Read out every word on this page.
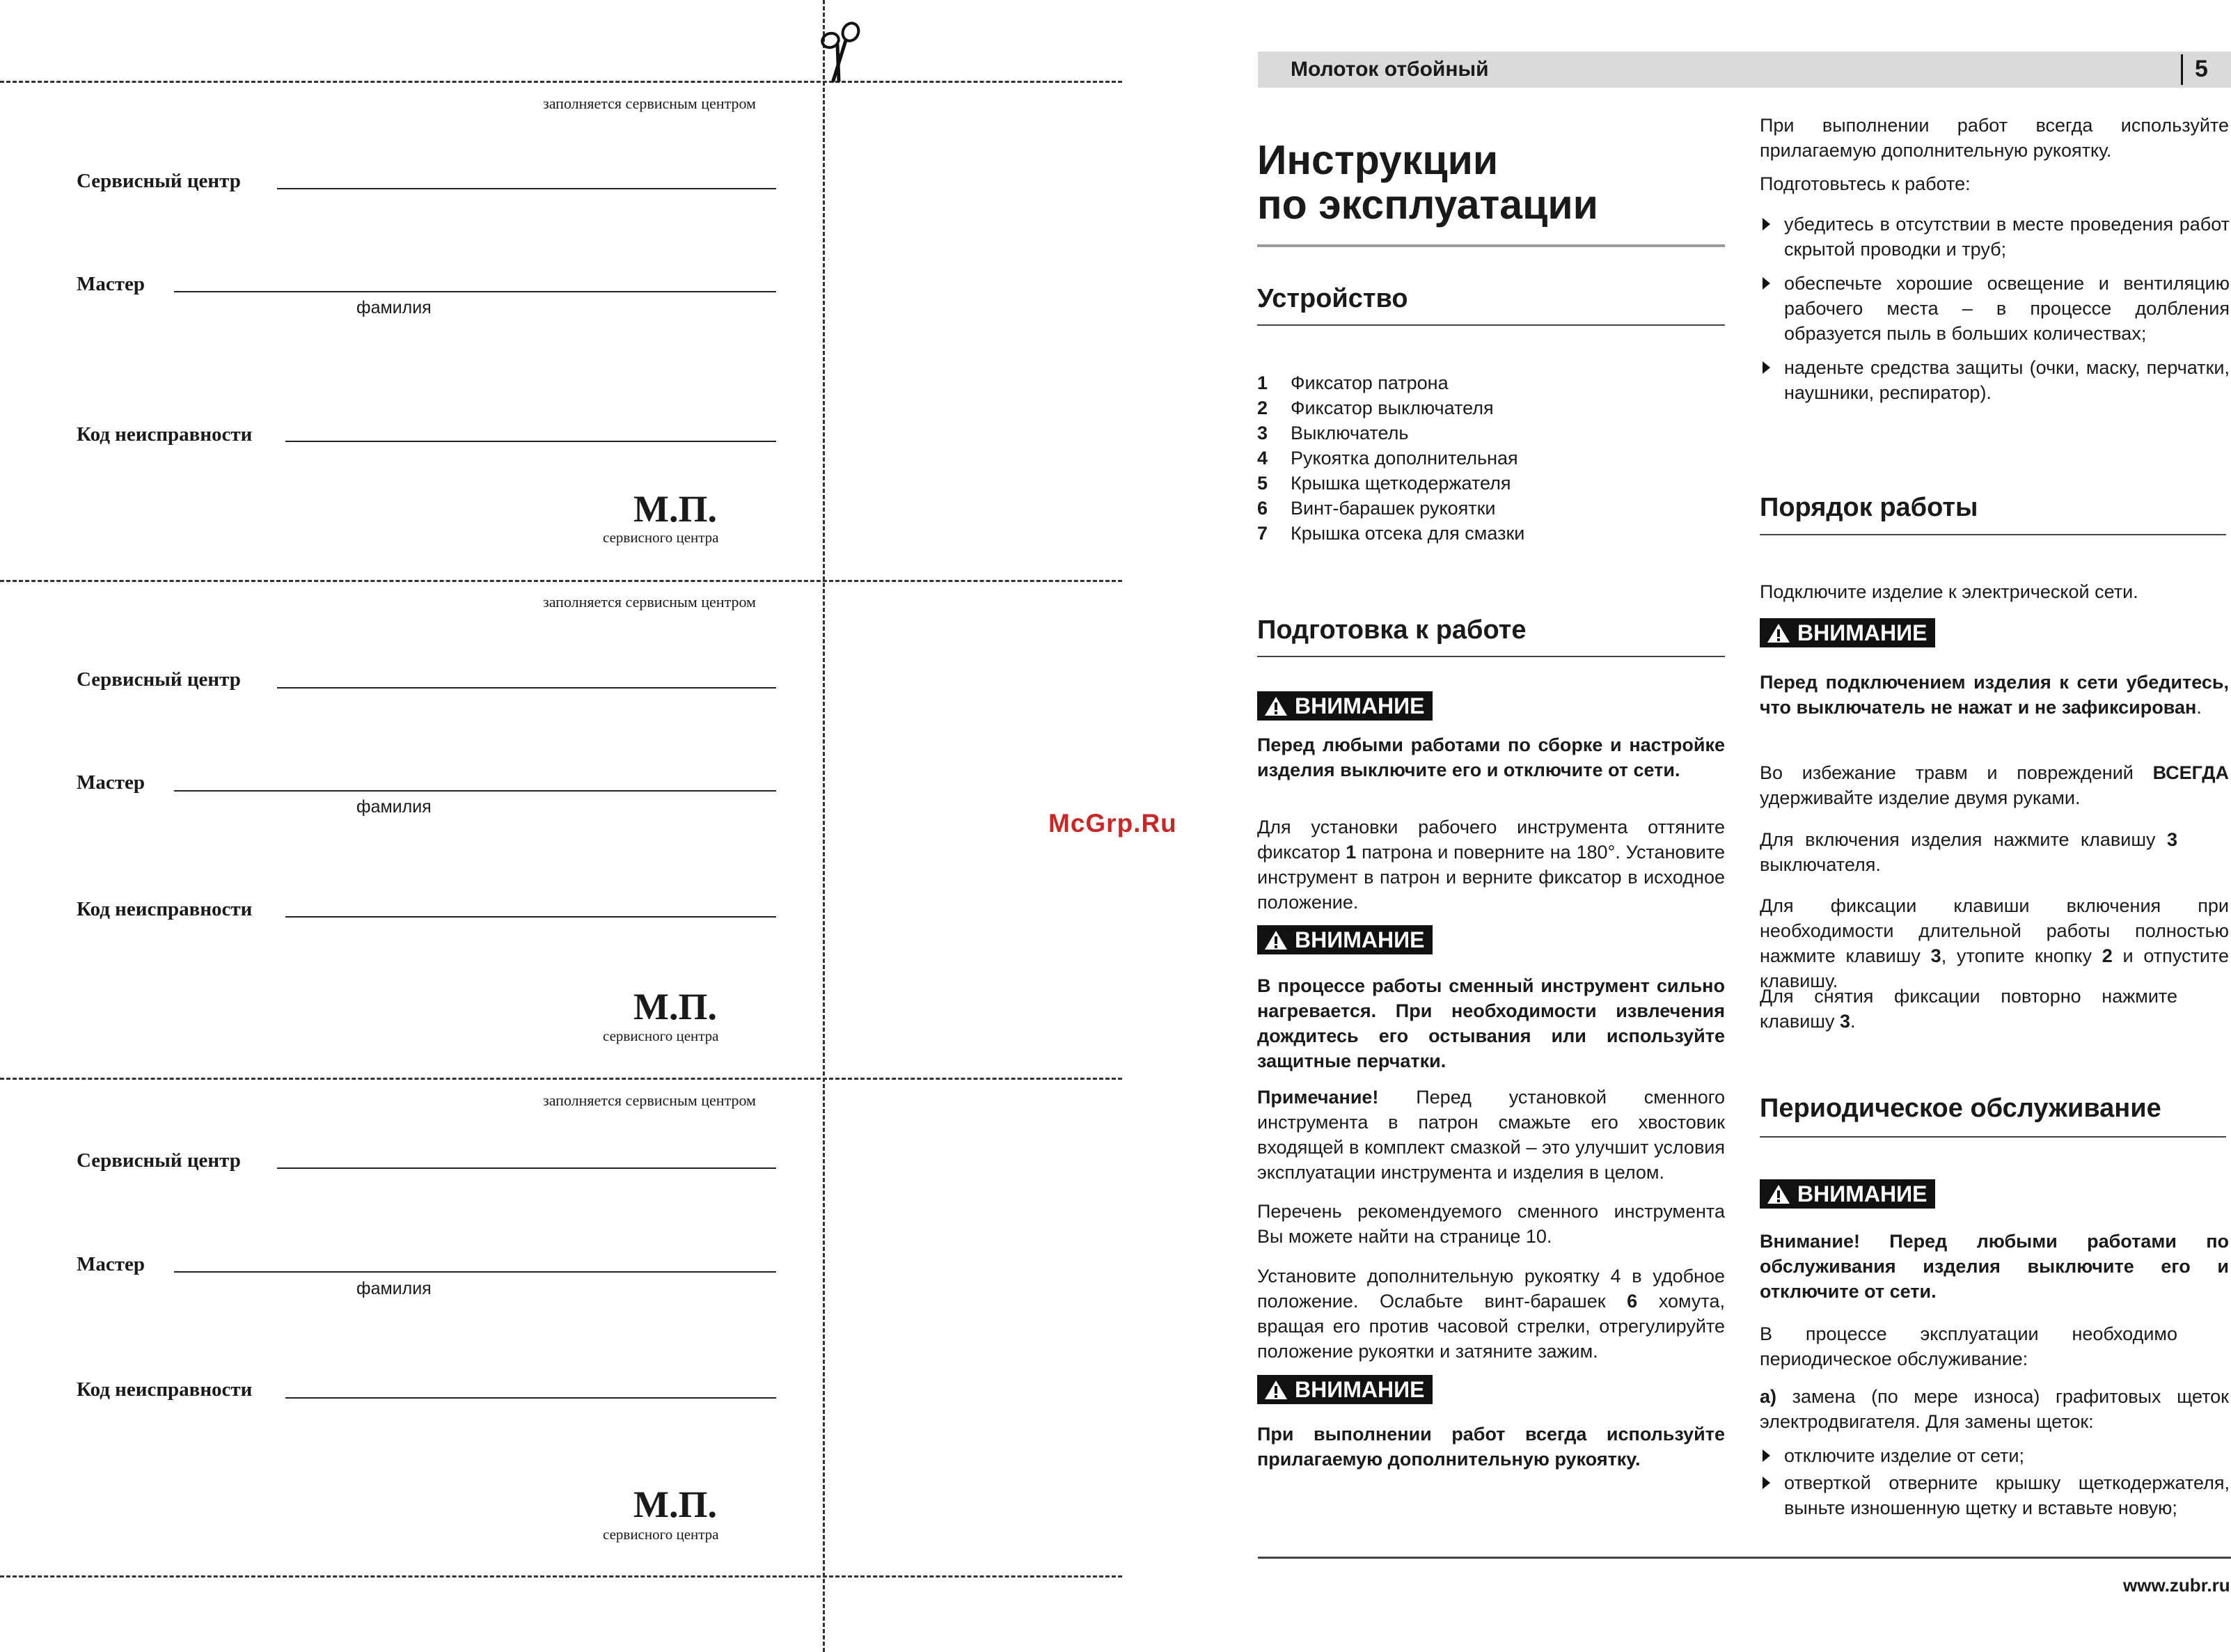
заполняется сервисным центром
Сервисный центр
Мастер
фамилия
Код неисправности
М.П.
сервисного центра
заполняется сервисным центром
Сервисный центр
Мастер
фамилия
Код неисправности
М.П.
сервисного центра
заполняется сервисным центром
Сервисный центр
Мастер
фамилия
Код неисправности
М.П.
сервисного центра
McGrp.Ru
Молоток отбойный	5
Инструкции
по эксплуатации
Устройство
1	Фиксатор патрона
2	Фиксатор выключателя
3	Выключатель
4	Рукоятка дополнительная
5	Крышка щеткодержателя
6	Винт-барашек рукоятки
7	Крышка отсека для смазки
Подготовка к работе
ВНИМАНИЕ
Перед любыми работами по сборке и настройке изделия выключите его и отключите от сети.
Для установки рабочего инструмента оттяните фиксатор 1 патрона и поверните на 180°. Установите инструмент в патрон и верните фиксатор в исходное положение.
ВНИМАНИЕ
В процессе работы сменный инструмент сильно нагревается. При необходимости извлечения дождитесь его остывания или используйте защитные перчатки.
Примечание! Перед установкой сменного инструмента в патрон смажьте его хвостовик входящей в комплект смазкой – это улучшит условия эксплуатации инструмента и изделия в целом.
Перечень рекомендуемого сменного инструмента Вы можете найти на странице 10.
Установите дополнительную рукоятку 4 в удобное положение. Ослабьте винт-барашек 6 хомута, вращая его против часовой стрелки, отрегулируйте положение рукоятки и затяните зажим.
ВНИМАНИЕ
При выполнении работ всегда используйте прилагаемую дополнительную рукоятку.
При выполнении работ всегда используйте прилагаемую дополнительную рукоятку.
Подготовьтесь к работе:
убедитесь в отсутствии в месте проведения работ скрытой проводки и труб;
обеспечьте хорошие освещение и вентиляцию рабочего места – в процессе долбления образуется пыль в больших количествах;
наденьте средства защиты (очки, маску, перчатки, наушники, респиратор).
Порядок работы
Подключите изделие к электрической сети.
ВНИМАНИЕ
Перед подключением изделия к сети убедитесь, что выключатель не нажат и не зафиксирован.
Во избежание травм и повреждений ВСЕГДА удерживайте изделие двумя руками.
Для включения изделия нажмите клавишу 3 выключателя.
Для фиксации клавиши включения при необходимости длительной работы полностью нажмите клавишу 3, утопите кнопку 2 и отпустите клавишу.
Для снятия фиксации повторно нажмите клавишу 3.
Периодическое обслуживание
ВНИМАНИЕ
Внимание! Перед любыми работами по обслуживания изделия выключите его и отключите от сети.
В процессе эксплуатации необходимо периодическое обслуживание:
а) замена (по мере износа) графитовых щеток электродвигателя. Для замены щеток:
отключите изделие от сети;
отверткой отверните крышку щеткодержателя, выньте изношенную щетку и вставьте новую;
www.zubr.ru
